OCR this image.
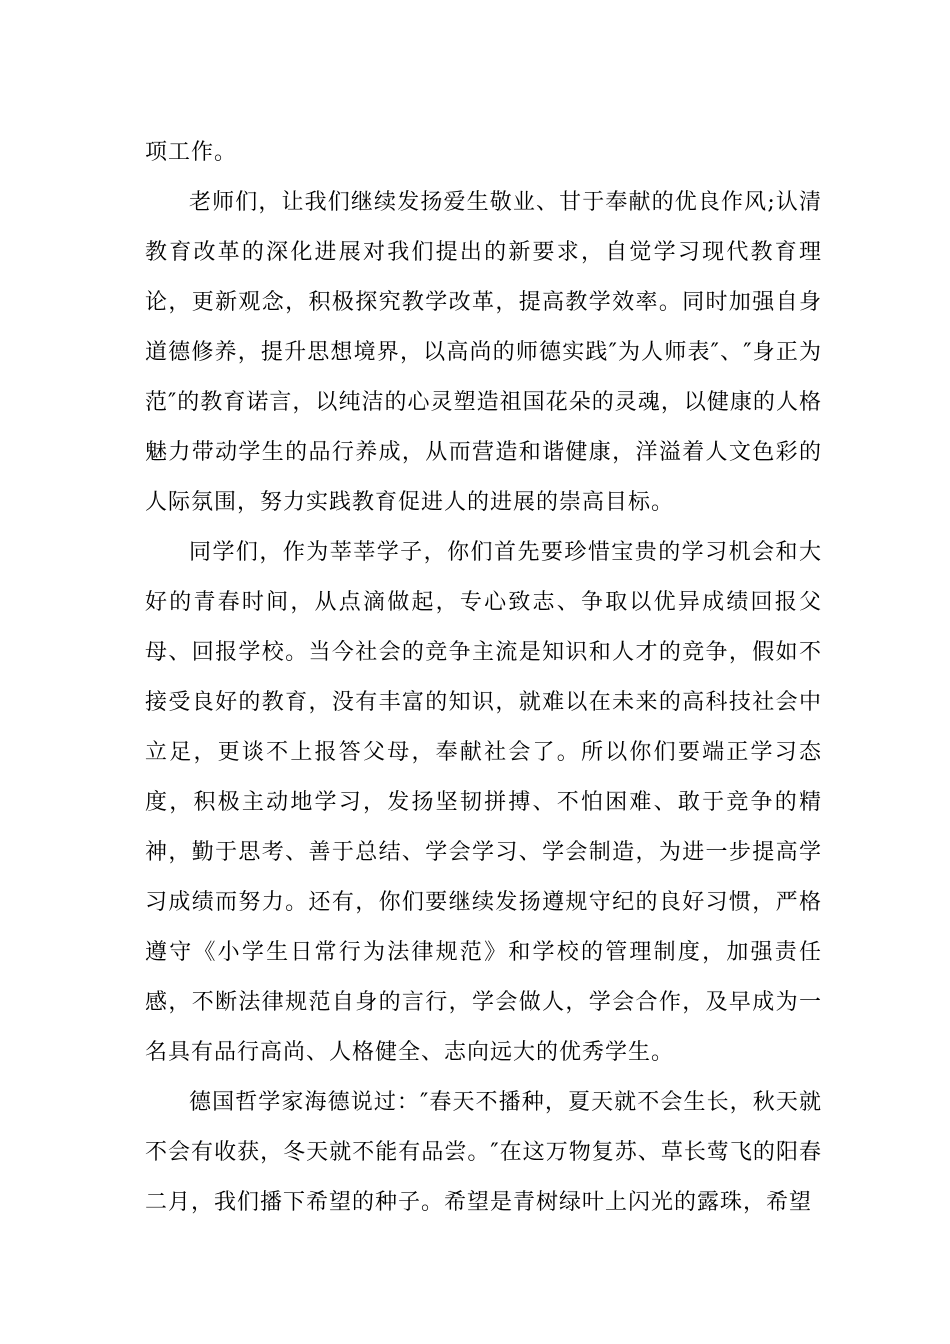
项工作。

老师们，让我们继续发扬爱生敬业、甘于奉献的优良作风;认清教育改革的深化进展对我们提出的新要求，自觉学习现代教育理论，更新观念，积极探究教学改革，提高教学效率。同时加强自身道德修养，提升思想境界，以高尚的师德实践″为人师表″、″身正为范″的教育诺言，以纯洁的心灵塑造祖国花朵的灵魂，以健康的人格魅力带动学生的品行养成，从而营造和谐健康，洋溢着人文色彩的人际氛围，努力实践教育促进人的进展的崇高目标。

同学们，作为莘莘学子，你们首先要珍惜宝贵的学习机会和大好的青春时间，从点滴做起，专心致志、争取以优异成绩回报父母、回报学校。当今社会的竞争主流是知识和人才的竞争，假如不接受良好的教育，没有丰富的知识，就难以在未来的高科技社会中立足，更谈不上报答父母，奉献社会了。所以你们要端正学习态度，积极主动地学习，发扬坚韧拼搏、不怕困难、敢于竞争的精神，勤于思考、善于总结、学会学习、学会制造，为进一步提高学习成绩而努力。还有，你们要继续发扬遵规守纪的良好习惯，严格遵守《小学生日常行为法律规范》和学校的管理制度，加强责任感，不断法律规范自身的言行，学会做人，学会合作，及早成为一名具有品行高尚、人格健全、志向远大的优秀学生。

德国哲学家海德说过：″春天不播种，夏天就不会生长，秋天就不会有收获，冬天就不能有品尝。″在这万物复苏、草长莺飞的阳春二月，我们播下希望的种子。希望是青树绿叶上闪光的露珠，希望
